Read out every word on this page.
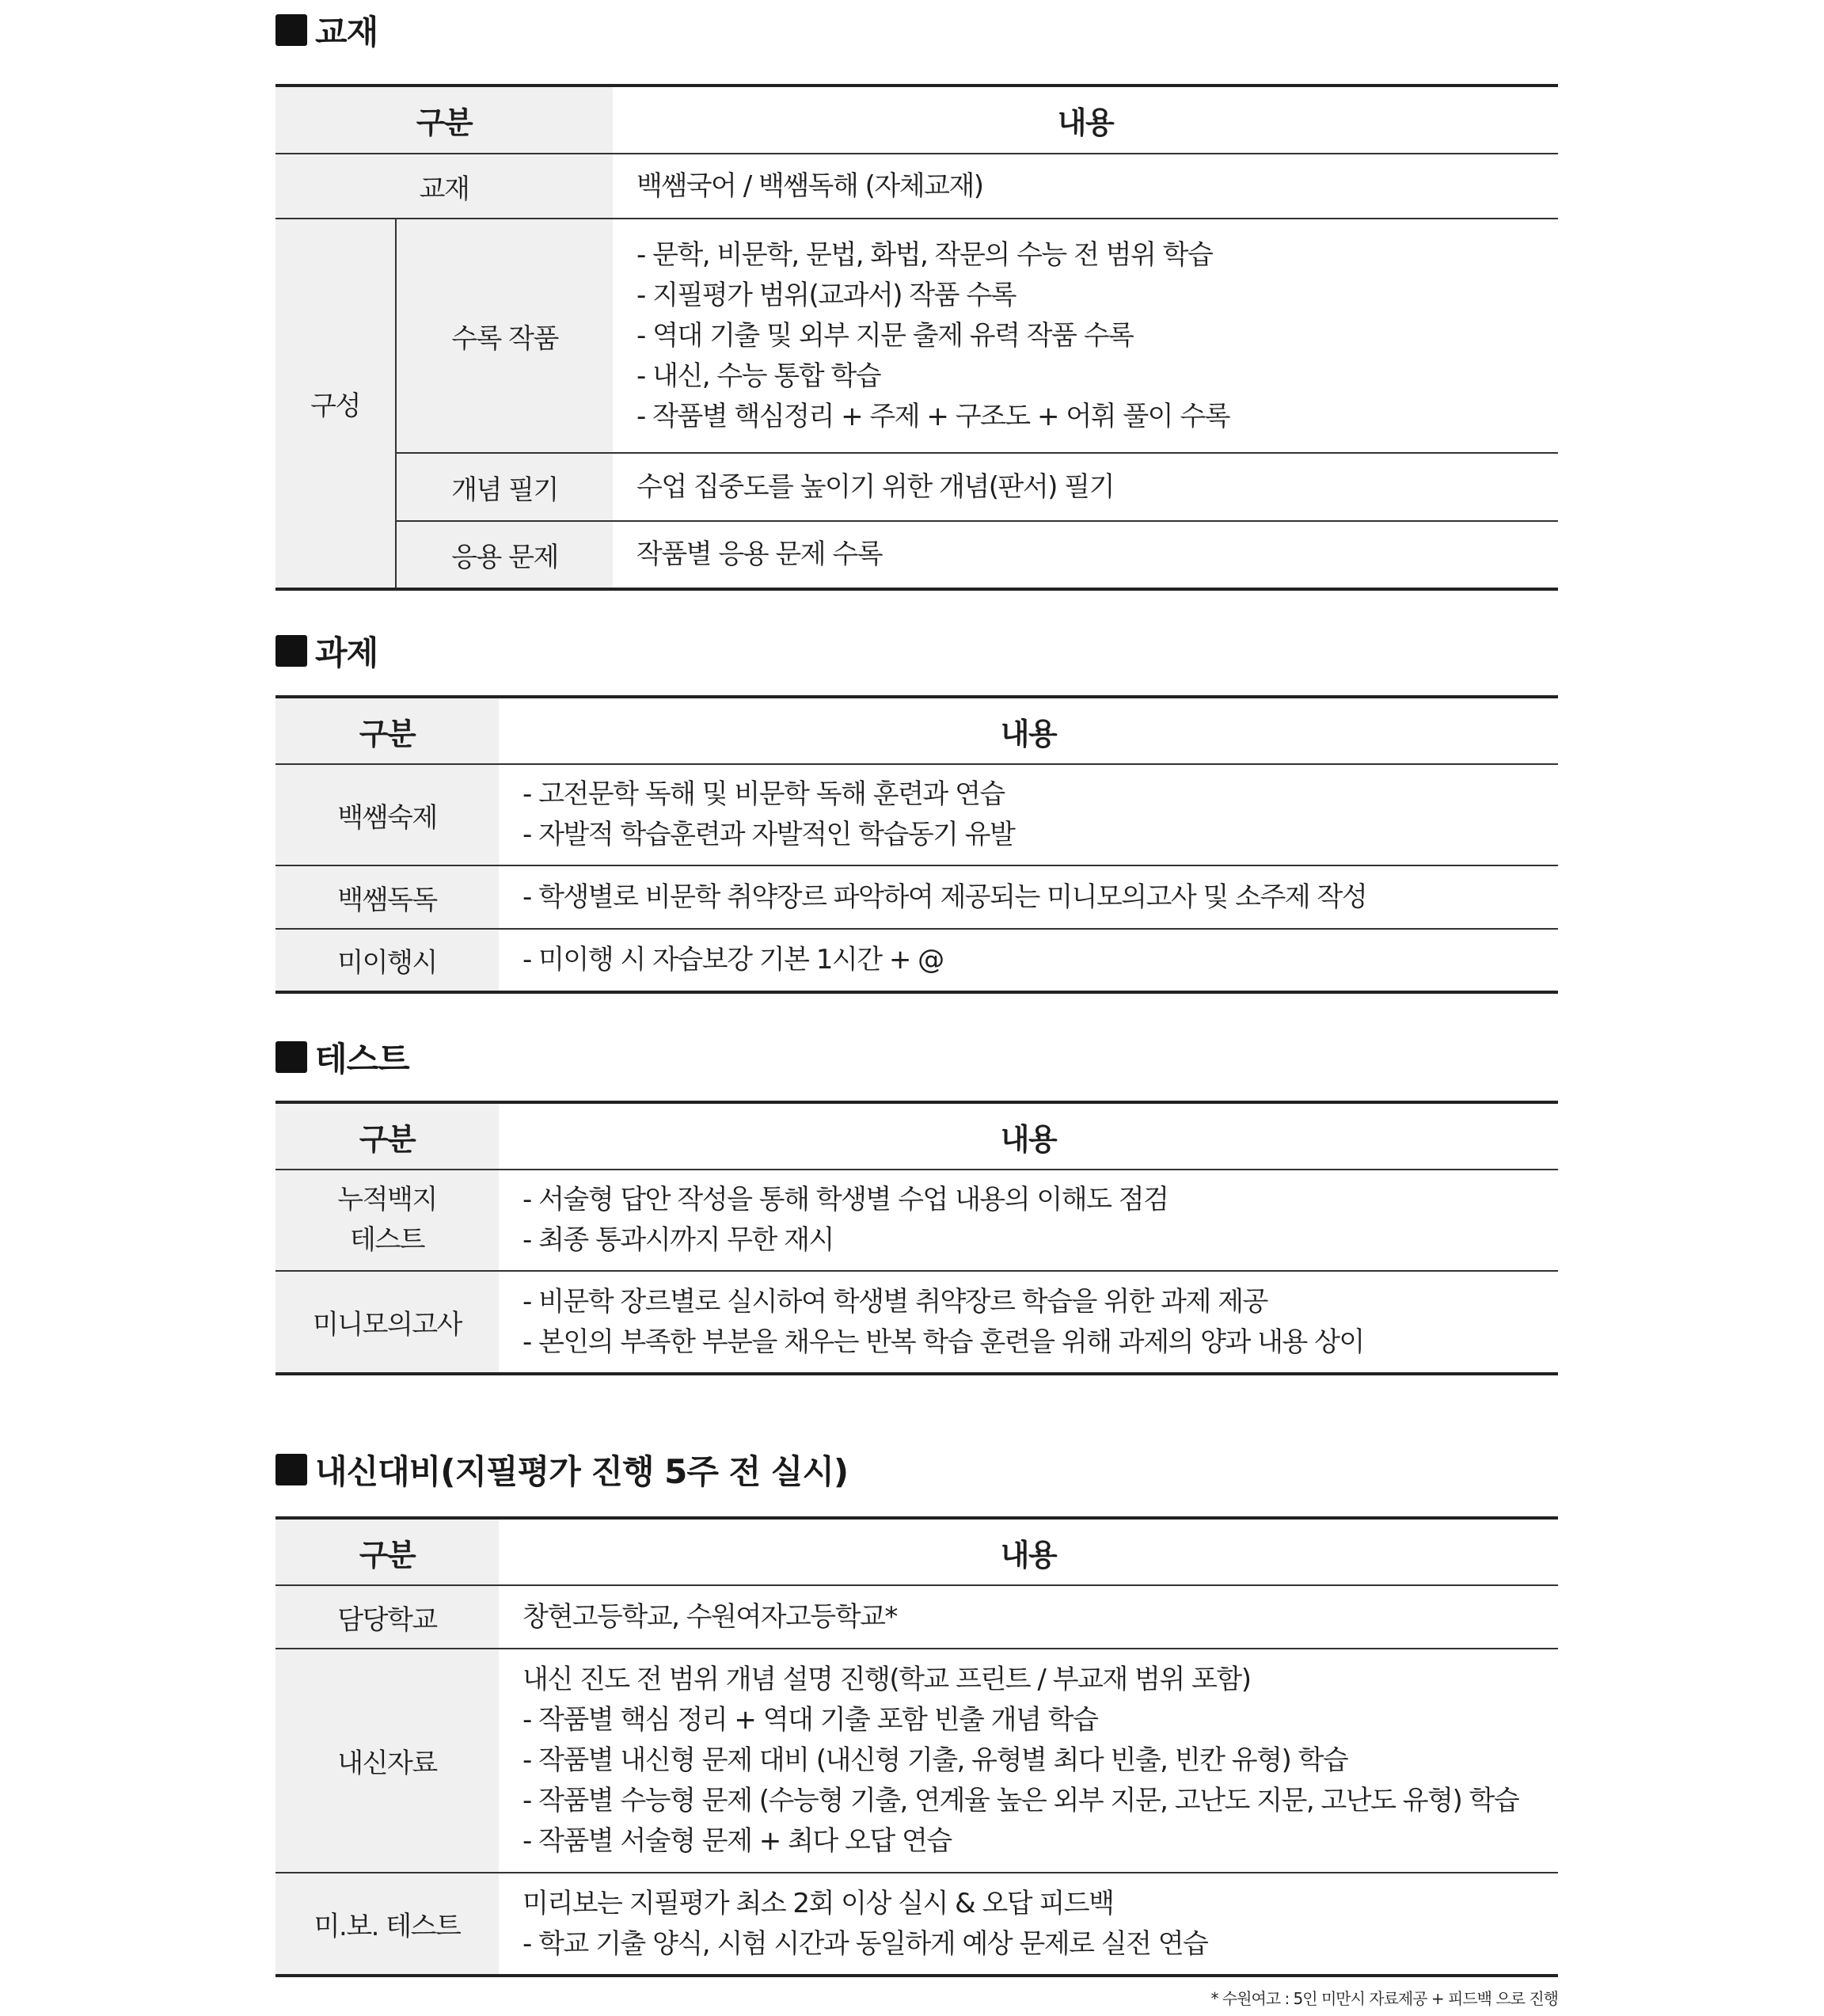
교재
구분		내용
교재		백쌤국어 / 백쌤독해 (자체교재)
구성	수록 작품	- 문학, 비문학, 문법, 화법, 작문의 수능 전 범위 학습
- 지필평가 범위(교과서) 작품 수록
- 역대 기출 및 외부 지문 출제 유력 작품 수록
- 내신, 수능 통합 학습
- 작품별 핵심정리 + 주제 + 구조도 + 어휘 풀이 수록

	개념 필기	수업 집중도를 높이기 위한 개념(판서) 필기
	응용 문제	작품별 응용 문제 수록
과제
구분	내용
백쌤숙제	- 고전문학 독해 및 비문학 독해 훈련과 연습
- 자발적 학습훈련과 자발적인 학습동기 유발

백쌤독독	- 학생별로 비문학 취약장르 파악하여 제공되는 미니모의고사 및 소주제 작성
미이행시	- 미이행 시 자습보강 기본 1시간 + @
테스트
구분	내용

누적백지
테스트	- 서술형 답안 작성을 통해 학생별 수업 내용의 이해도 점검
- 최종 통과시까지 무한 재시

미니모의고사	- 비문학 장르별로 실시하여 학생별 취약장르 학습을 위한 과제 제공
- 본인의 부족한 부분을 채우는 반복 학습 훈련을 위해 과제의 양과 내용 상이
내신대비(지필평가 진행 5주 전 실시)
구분	내용
담당학교	창현고등학교, 수원여자고등학교*
내신자료	내신 진도 전 범위 개념 설명 진행(학교 프린트 / 부교재 범위 포함)
- 작품별 핵심 정리 + 역대 기출 포함 빈출 개념 학습
- 작품별 내신형 문제 대비 (내신형 기출, 유형별 최다 빈출, 빈칸 유형) 학습
- 작품별 수능형 문제 (수능형 기출, 연계율 높은 외부 지문, 고난도 지문, 고난도 유형) 학습
- 작품별 서술형 문제 + 최다 오답 연습

미.보. 테스트	미리보는 지필평가 최소 2회 이상 실시 & 오답 피드백
- 학교 기출 양식, 시험 시간과 동일하게 예상 문제로 실전 연습
* 수원여고 : 5인 미만시 자료제공 + 피드백 으로 진행
